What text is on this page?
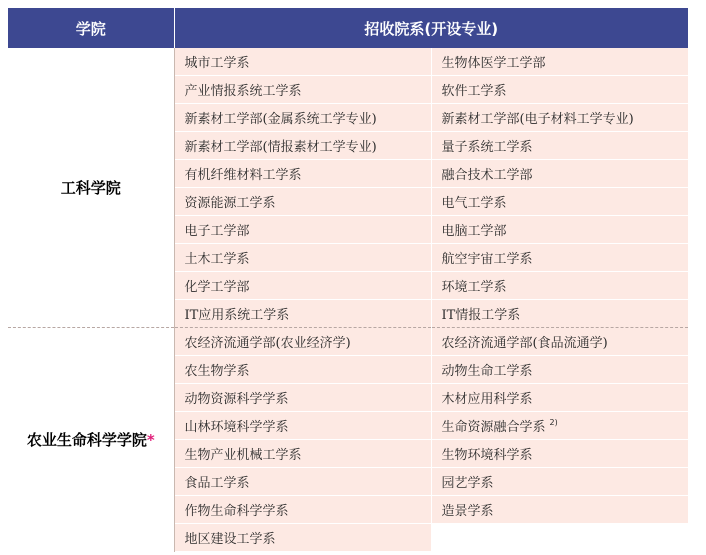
学院	招收院系(开设专业)	
工科学院	城市工学系	生物体医学工学部
	产业情报系统工学系	软件工学系
	新素材工学部(金属系统工学专业)	新素材工学部(电子材料工学专业)
	新素材工学部(情报素材工学专业)	量子系统工学系
	有机纤维材料工学系	融合技术工学部
	资源能源工学系	电气工学系
	电子工学部	电脑工学部
	土木工学系	航空宇宙工学系
	化学工学部	环境工学系
	IT应用系统工学系	IT情报工学系
农业生命科学学院*	农经济流通学部(农业经济学)	农经济流通学部(食品流通学)
	农生物学系	动物生命工学系
	动物资源科学学系	木材应用科学系
	山林环境科学学系	生命资源融合学系 $^{2)}$
	生物产业机械工学系	生物环境科学系
	食品工学系	园艺学系
	作物生命科学学系	造景学系
	地区建设工学系	
